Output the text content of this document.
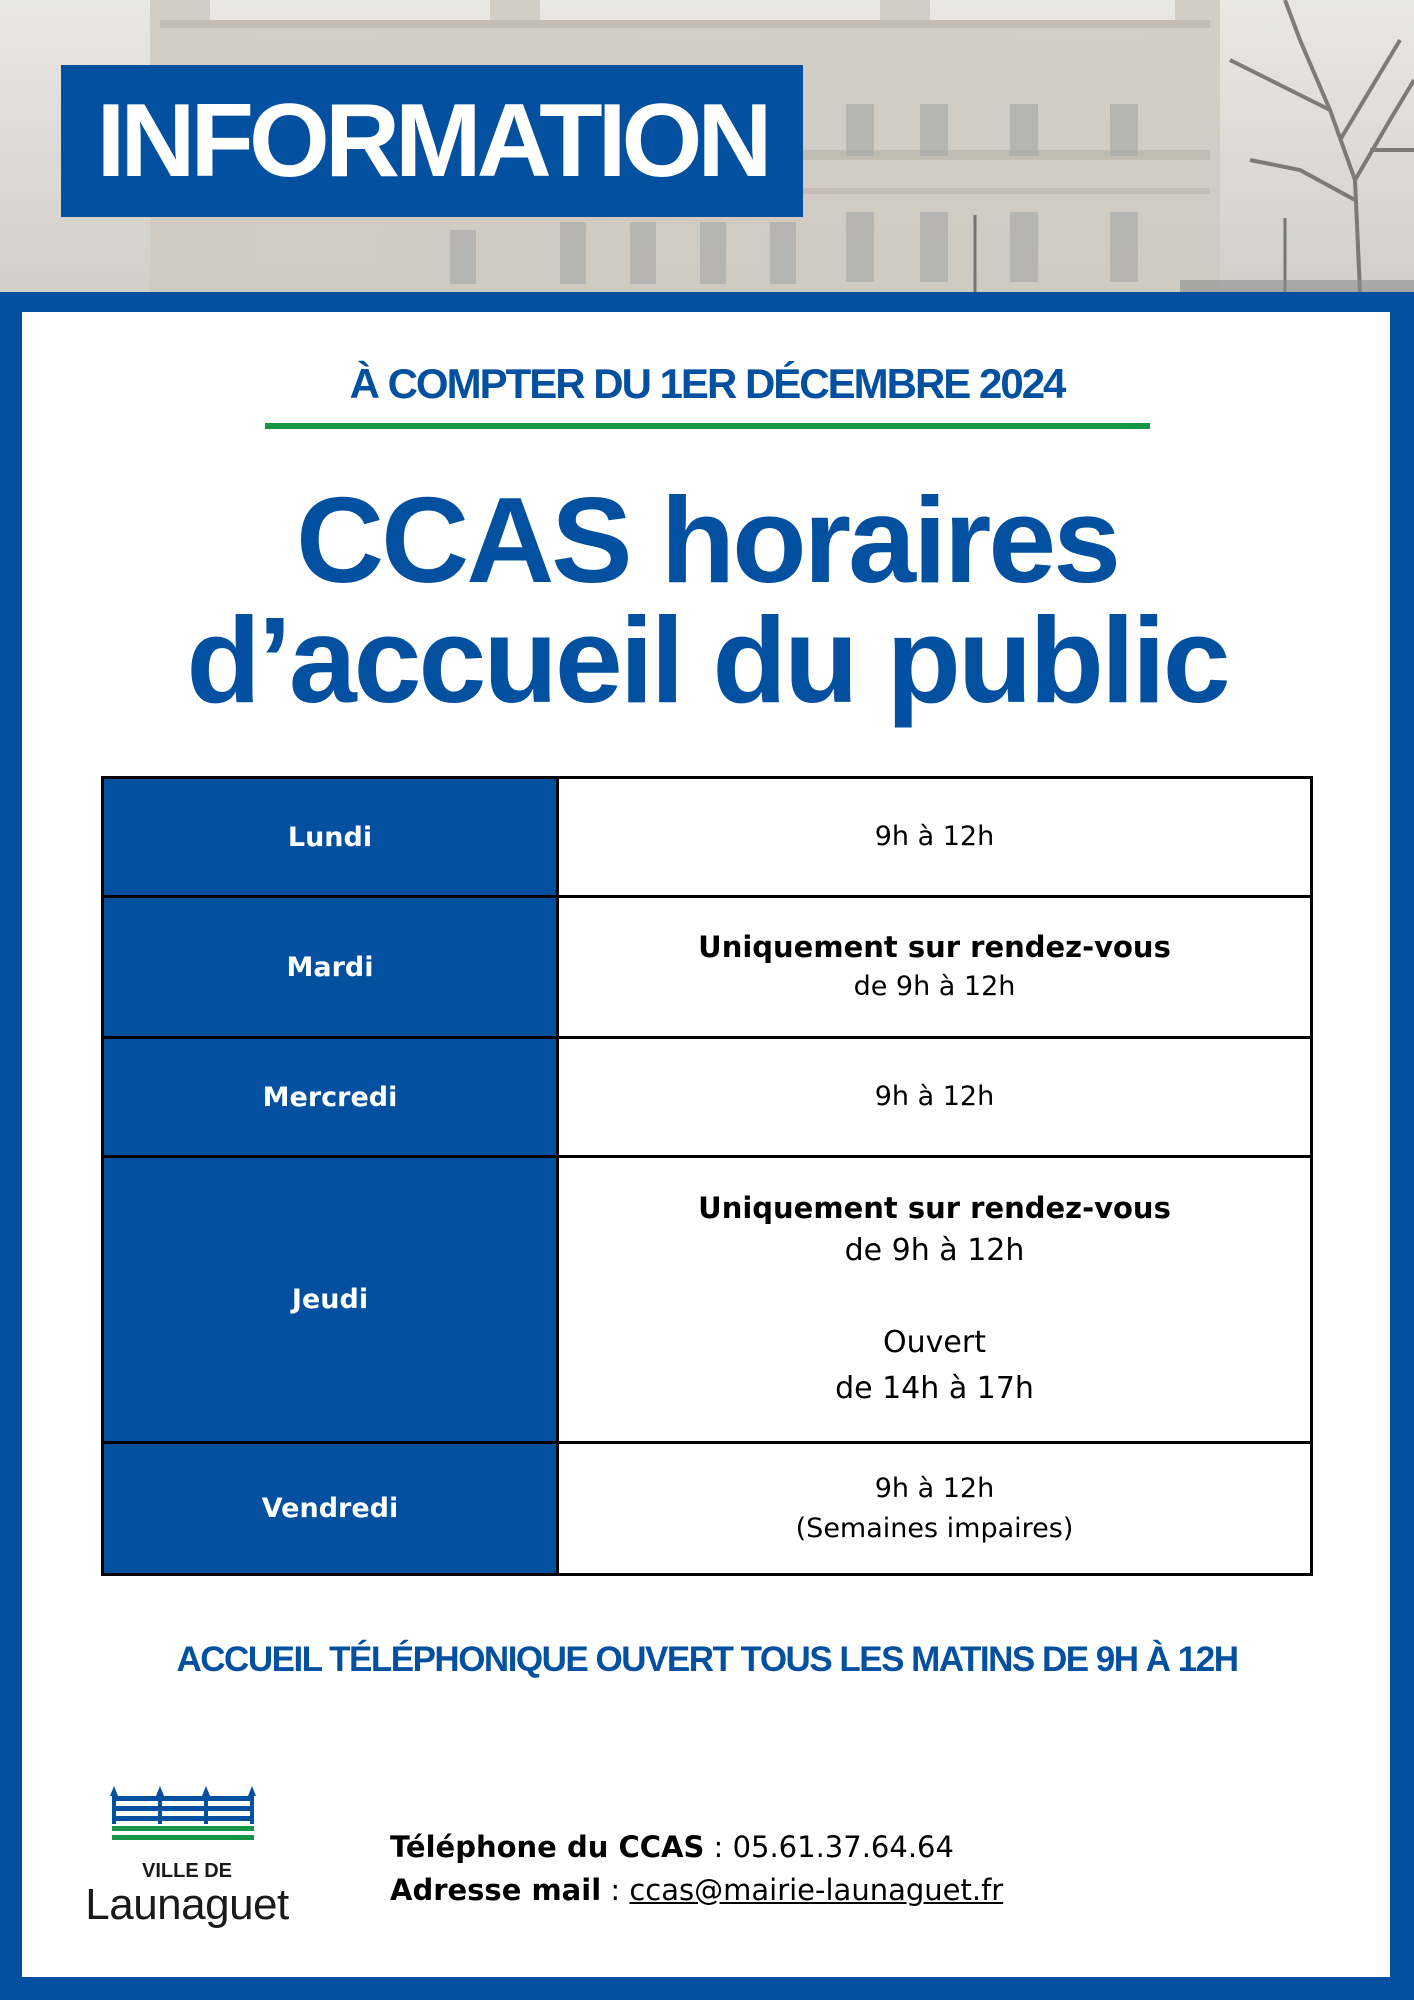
INFORMATION
À COMPTER DU 1ER DÉCEMBRE 2024
CCAS horaires
d’accueil du public
Lundi	9h à 12h

Mardi	Uniquement sur rendez-vous
de 9h à 12h

Mercredi	9h à 12h

Jeudi	Uniquement sur rendez-vous
de 9h à 12h
Ouvert
de 14h à 17h

Vendredi	9h à 12h
(Semaines impaires)
ACCUEIL TÉLÉPHONIQUE OUVERT TOUS LES MATINS DE 9H À 12H
VILLE DE
Launaguet
Téléphone du CCAS : 05.61.37.64.64
Adresse mail : ccas@mairie-launaguet.fr
